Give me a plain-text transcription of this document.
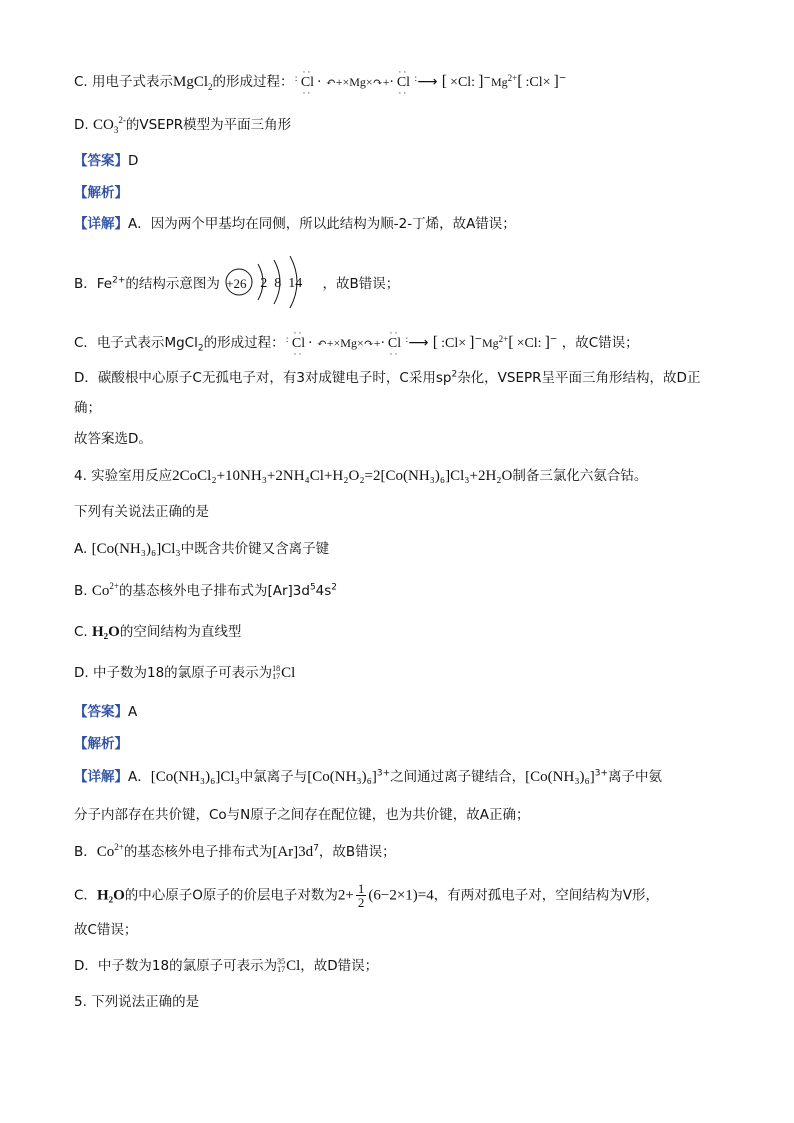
C. 用电子式表示MgCl$_2$的形成过程：
··
: Cl
··
· ↶+×Mg×↷+·
··
Cl :
··
⟶ [ ×Cl: ]$^-Mg^{2+}$[ :Cl× ]−
D. $CO_3^{2-}$的VSEPR模型为平面三角形
【答案】D
【解析】
【详解】A．因为两个甲基均在同侧，所以此结构为顺-2-丁烯，故A错误；
B．$Fe^{2+}$的结构示意图为 +26 2  8  14 ，故B错误；
C．电子式表示MgCl$_2$的形成过程：
··
: Cl
··
· ↶+×Mg×↷+·
··
Cl :
··
⟶ [ :Cl× ]$^-Mg^{2+}[ \times Cl$: ]− ，故C错误；
D．碳酸根中心原子C无孤电子对，有3对成键电子时，C采用$sp^2$杂化，VSEPR呈平面三角形结构，故D正
确；
故答案选D。
4. 实验室用反应2CoCl₂+10NH₃+2NH₄Cl+H₂O₂=2[Co(NH₃)₆]Cl₃+2H₂O制备三氯化六氨合钴。
下列有关说法正确的是
A. [Co(NH₃)₆]Cl₃中既含共价键又含离子键
B. $Co^{2+}$的基态核外电子排布式为$[Ar]3d^54s^2$
C. H₂O的空间结构为直线型
D. 中子数为18的氯原子可表示为 18
17 Cl
【答案】A
【解析】
【详解】A．[Co(NH₃)₆]Cl₃中氯离子与$[Co(NH_3)_6]^{3+}$之间通过离子键结合，$[Co(NH_3)_6]^{3+}$离子中氨
分子内部存在共价键，Co与N原子之间存在配位键，也为共价键，故A正确；
B．$Co^{2+}$的基态核外电子排布式为$[Ar]3d^7$，故B错误；
C．H₂O的中心原子O原子的价层电子对数为$2+ \frac{1}{2} (6-2\times 1)=4$，有两对孤电子对，空间结构为V形，
故C错误；
D．中子数为18的氯原子可表示为 35
17 Cl，故D错误；
5. 下列说法正确的是
